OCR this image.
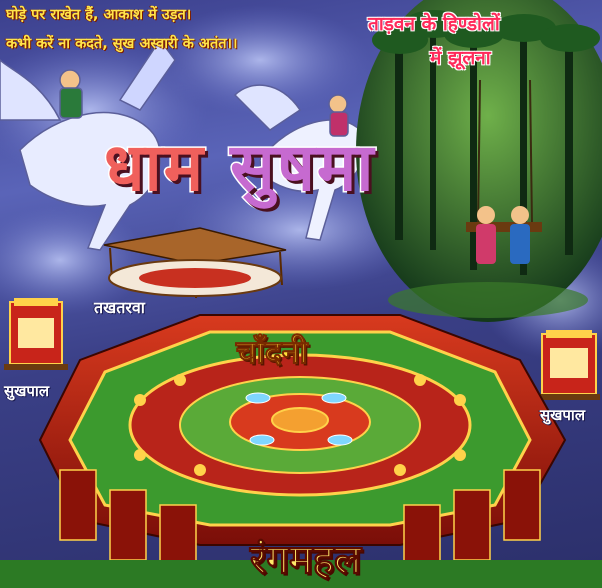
घोड़े पर राखेत हैं, आकाश में उड़त।

कभी करें ना कदते, सुख अस्वारी के अतंत।।

ताड़वन के हिण्डोलों

में झूलना

धाम सुषमा

तखतरवा

चाँदनी

सुखपाल

सुखपाल

रंगमहल
